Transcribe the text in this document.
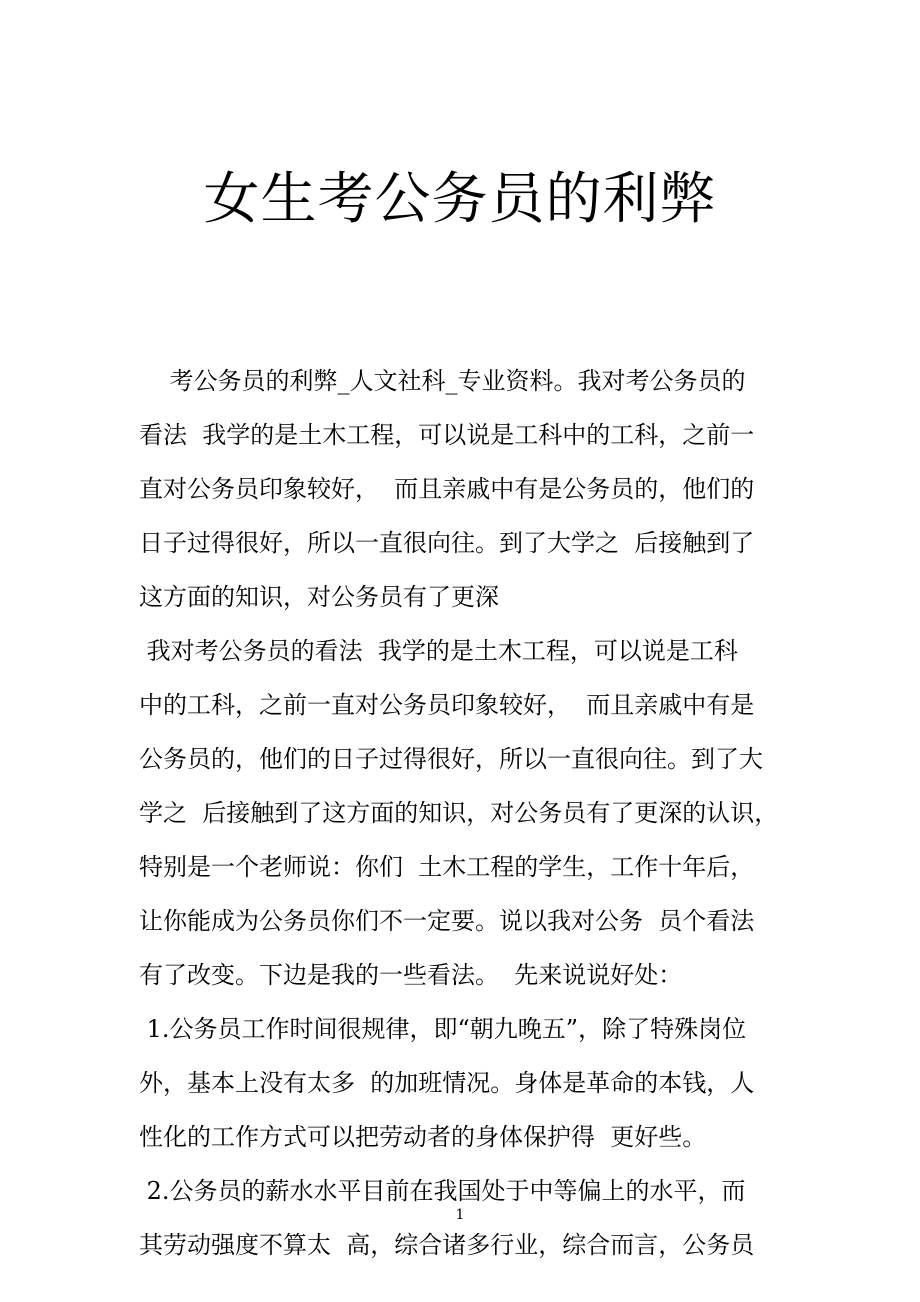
女生考公务员的利弊
考公务员的利弊_人文社科_专业资料。我对考公务员的
看法  我学的是土木工程，可以说是工科中的工科，之前一
直对公务员印象较好，  而且亲戚中有是公务员的，他们的
日子过得很好，所以一直很向往。到了大学之  后接触到了
这方面的知识，对公务员有了更深
我对考公务员的看法  我学的是土木工程，可以说是工科
中的工科，之前一直对公务员印象较好，  而且亲戚中有是
公务员的，他们的日子过得很好，所以一直很向往。到了大
学之  后接触到了这方面的知识，对公务员有了更深的认识，
特别是一个老师说：你们  土木工程的学生，工作十年后，
让你能成为公务员你们不一定要。说以我对公务  员个看法
有了改变。下边是我的一些看法。  先来说说好处：
1.公务员工作时间很规律，即“朝九晚五”，除了特殊岗位
外，基本上没有太多  的加班情况。身体是革命的本钱，人
性化的工作方式可以把劳动者的身体保护得  更好些。
2.公务员的薪水水平目前在我国处于中等偏上的水平，而
其劳动强度不算太  高，综合诸多行业，综合而言，公务员
1
